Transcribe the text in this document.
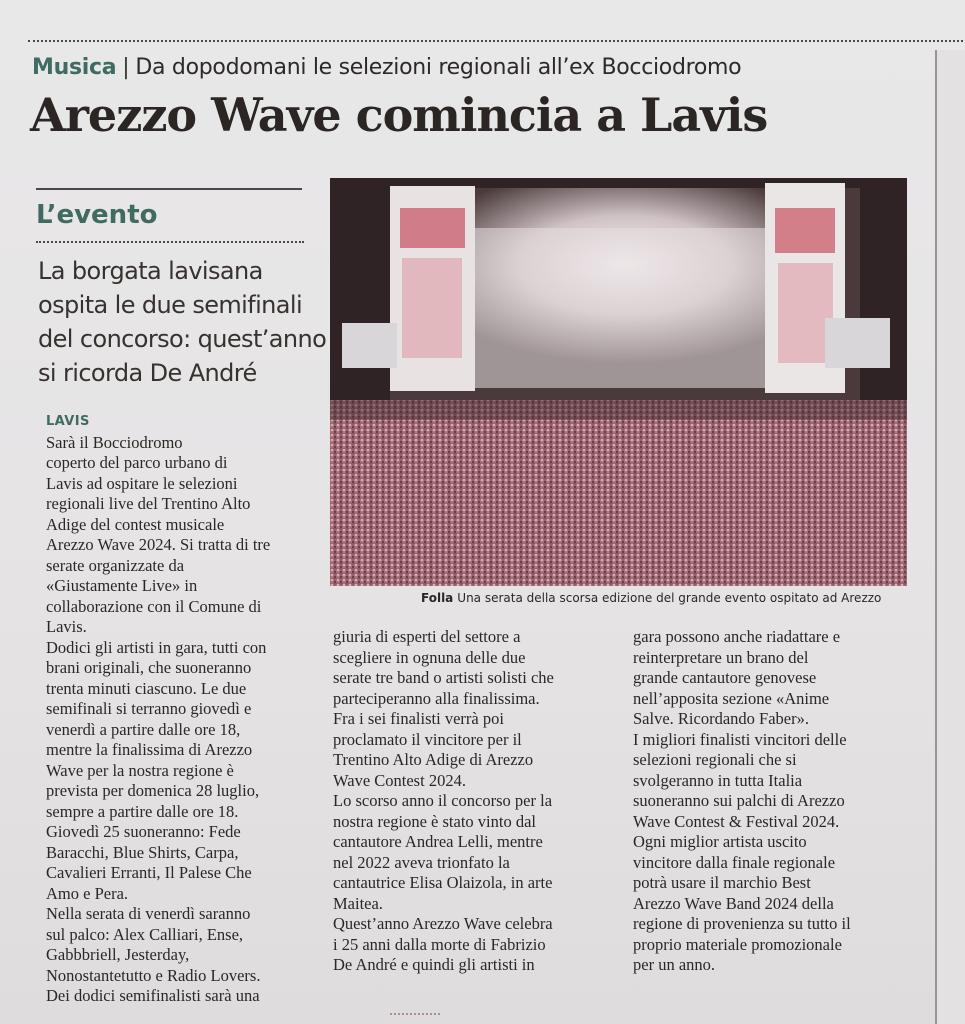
Musica | Da dopodomani le selezioni regionali all’ex Bocciodromo
Arezzo Wave comincia a Lavis
L’evento
La borgata lavisana
ospita le due semifinali
del concorso: quest’anno
si ricorda De André
Folla Una serata della scorsa edizione del grande evento ospitato ad Arezzo
LAVIS
Sarà il Bocciodromo
coperto del parco urbano di
Lavis ad ospitare le selezioni
regionali live del Trentino Alto
Adige del contest musicale
Arezzo Wave 2024. Si tratta di tre
serate organizzate da
«Giustamente Live» in
collaborazione con il Comune di
Lavis.
Dodici gli artisti in gara, tutti con
brani originali, che suoneranno
trenta minuti ciascuno. Le due
semifinali si terranno giovedì e
venerdì a partire dalle ore 18,
mentre la finalissima di Arezzo
Wave per la nostra regione è
prevista per domenica 28 luglio,
sempre a partire dalle ore 18.
Giovedì 25 suoneranno: Fede
Baracchi, Blue Shirts, Carpa,
Cavalieri Erranti, Il Palese Che
Amo e Pera.
Nella serata di venerdì saranno
sul palco: Alex Calliari, Ense,
Gabbbriell, Jesterday,
Nonostantetutto e Radio Lovers.
Dei dodici semifinalisti sarà una
giuria di esperti del settore a
scegliere in ognuna delle due
serate tre band o artisti solisti che
parteciperanno alla finalissima.
Fra i sei finalisti verrà poi
proclamato il vincitore per il
Trentino Alto Adige di Arezzo
Wave Contest 2024.
Lo scorso anno il concorso per la
nostra regione è stato vinto dal
cantautore Andrea Lelli, mentre
nel 2022 aveva trionfato la
cantautrice Elisa Olaizola, in arte
Maitea.
Quest’anno Arezzo Wave celebra
i 25 anni dalla morte di Fabrizio
De André e quindi gli artisti in
gara possono anche riadattare e
reinterpretare un brano del
grande cantautore genovese
nell’apposita sezione «Anime
Salve. Ricordando Faber».
I migliori finalisti vincitori delle
selezioni regionali che si
svolgeranno in tutta Italia
suoneranno sui palchi di Arezzo
Wave Contest & Festival 2024.
Ogni miglior artista uscito
vincitore dalla finale regionale
potrà usare il marchio Best
Arezzo Wave Band 2024 della
regione di provenienza su tutto il
proprio materiale promozionale
per un anno.
